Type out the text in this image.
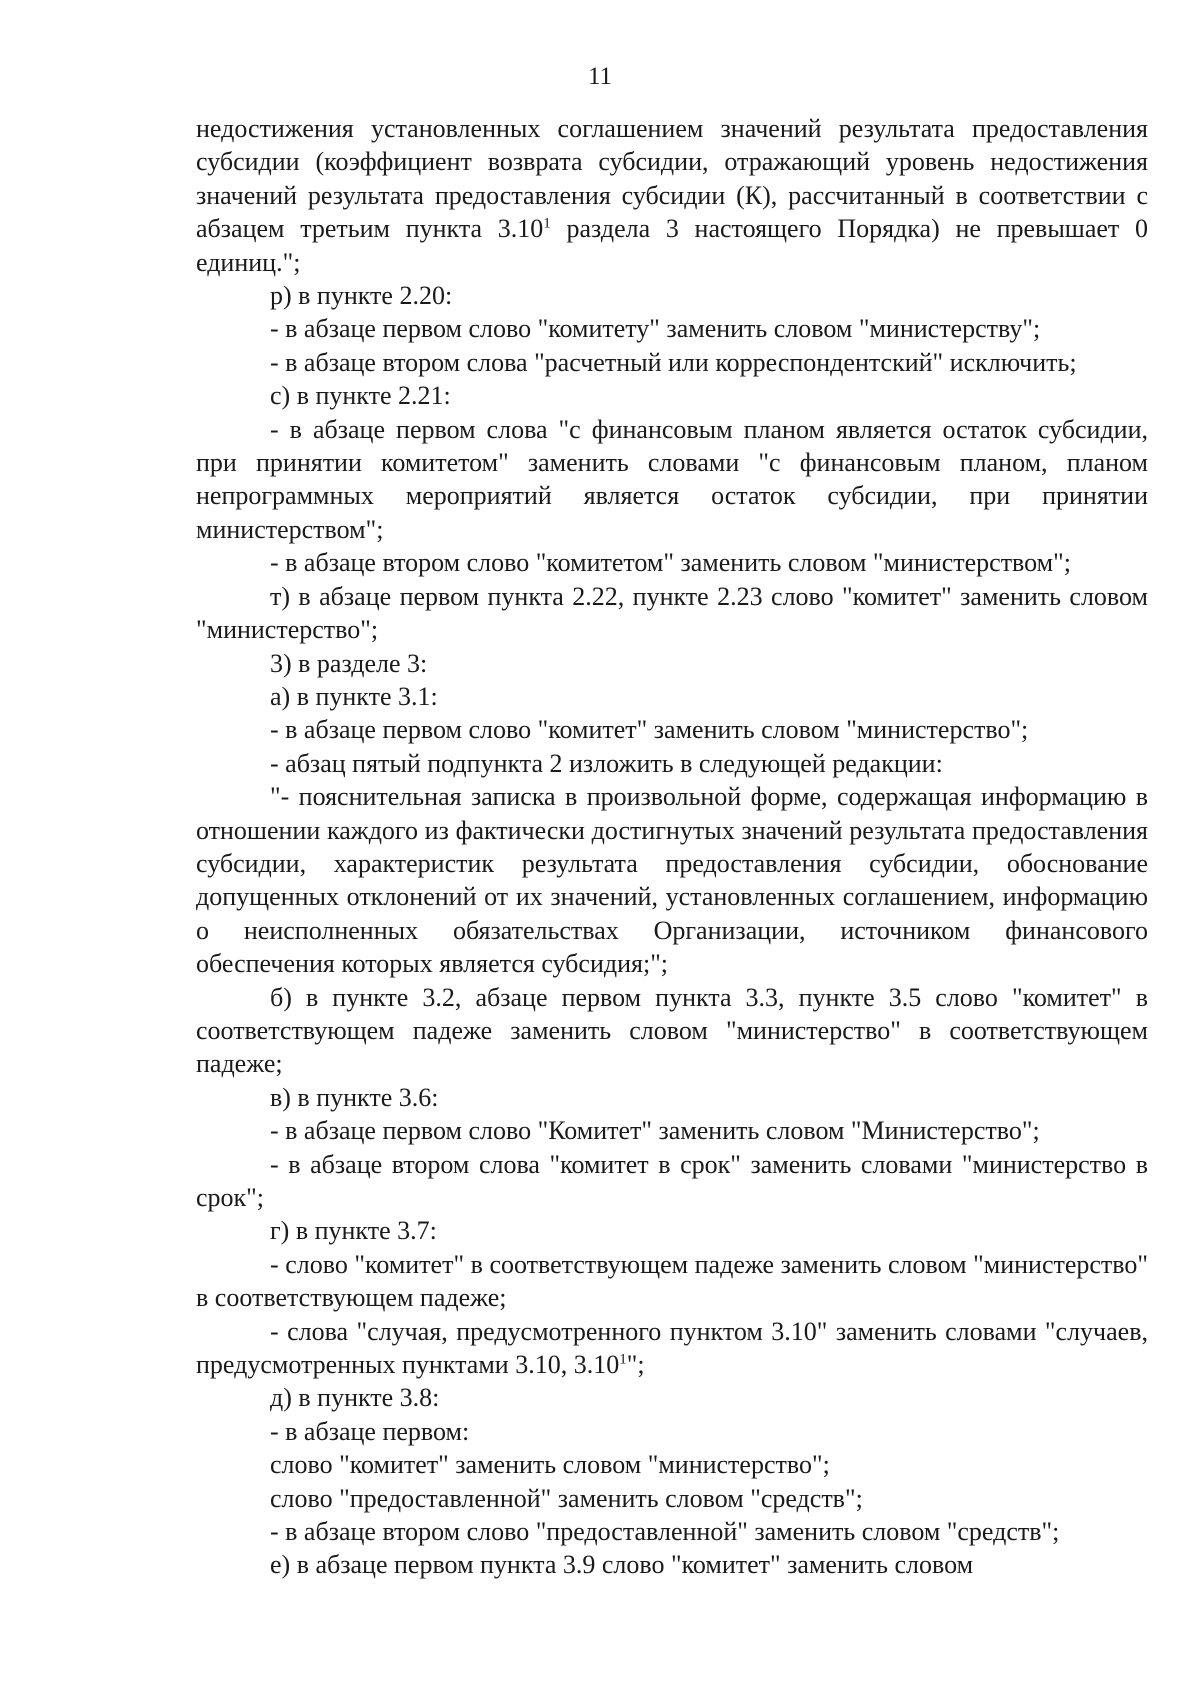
11

недостижения установленных соглашением значений результата предоставления субсидии (коэффициент возврата субсидии, отражающий уровень недостижения значений результата предоставления субсидии (К), рассчитанный в соответствии с абзацем третьим пункта 3.10$^1$ раздела 3 настоящего Порядка) не превышает 0 единиц.";

р) в пункте 2.20:

- в абзаце первом слово "комитету" заменить словом "министерству";

- в абзаце втором слова "расчетный или корреспондентский" исключить;

с) в пункте 2.21:

- в абзаце первом слова "с финансовым планом является остаток субсидии, при принятии комитетом" заменить словами "с финансовым планом, планом непрограммных мероприятий является остаток субсидии, при принятии министерством";

- в абзаце втором слово "комитетом" заменить словом "министерством";

т) в абзаце первом пункта 2.22, пункте 2.23 слово "комитет" заменить словом "министерство";

3) в разделе 3:

а) в пункте 3.1:

- в абзаце первом слово "комитет" заменить словом "министерство";

- абзац пятый подпункта 2 изложить в следующей редакции:

"- пояснительная записка в произвольной форме, содержащая информацию в отношении каждого из фактически достигнутых значений результата предоставления субсидии, характеристик результата предоставления субсидии, обоснование допущенных отклонений от их значений, установленных соглашением, информацию о неисполненных обязательствах Организации, источником финансового обеспечения которых является субсидия;";

б) в пункте 3.2, абзаце первом пункта 3.3, пункте 3.5 слово "комитет" в соответствующем падеже заменить словом "министерство" в соответствующем падеже;

в) в пункте 3.6:

- в абзаце первом слово "Комитет" заменить словом "Министерство";

- в абзаце втором слова "комитет в срок" заменить словами "министерство в срок";

г) в пункте 3.7:

- слово "комитет" в соответствующем падеже заменить словом "министерство" в соответствующем падеже;

- слова "случая, предусмотренного пунктом 3.10" заменить словами "случаев, предусмотренных пунктами 3.10, 3.10$^1$";

д) в пункте 3.8:

- в абзаце первом:

слово "комитет" заменить словом "министерство";

слово "предоставленной" заменить словом "средств";

- в абзаце втором слово "предоставленной" заменить словом "средств";

е) в абзаце первом пункта 3.9 слово "комитет" заменить словом
